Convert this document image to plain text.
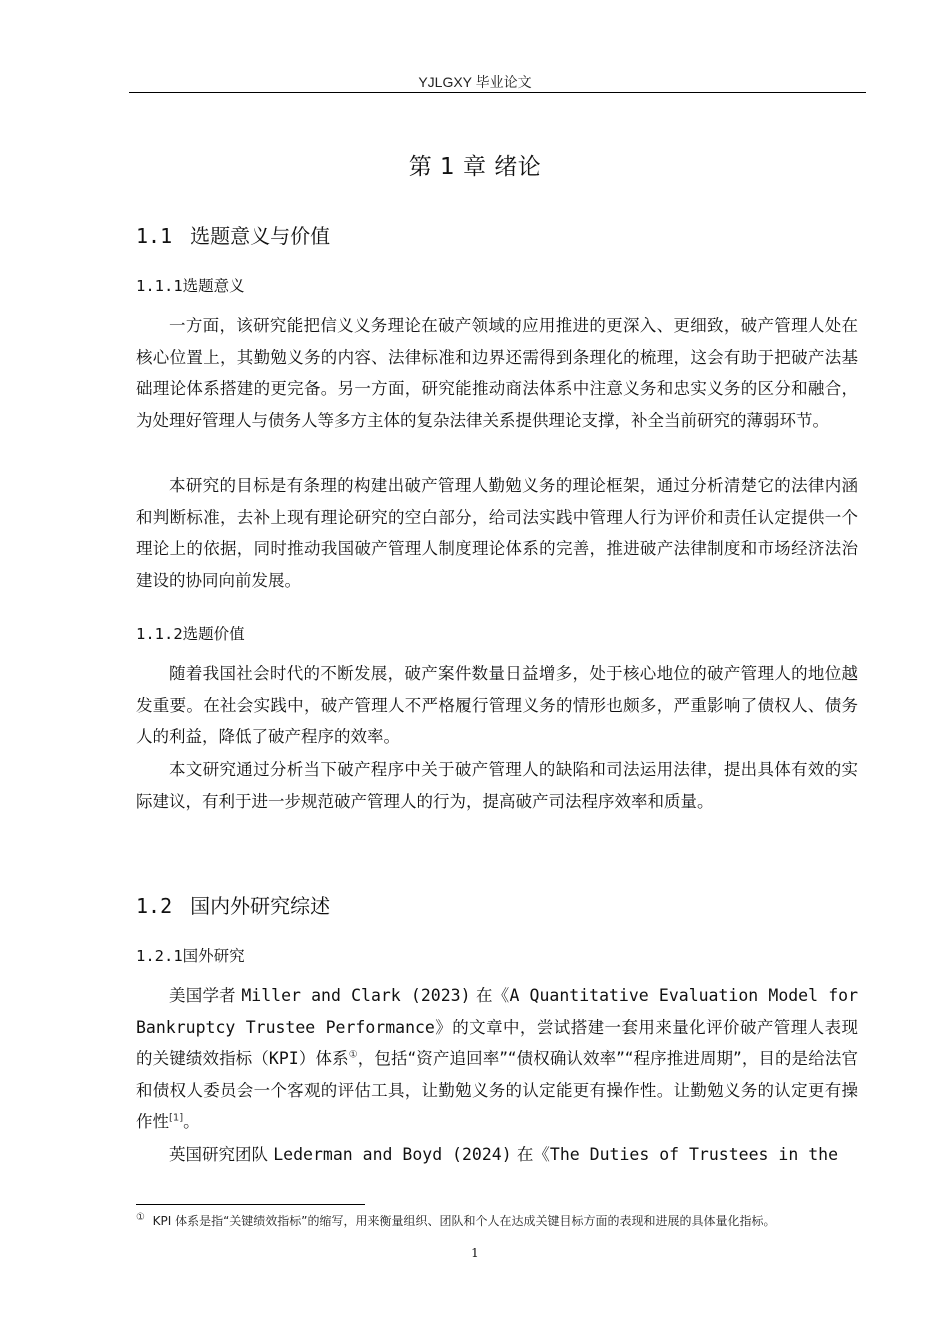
YJLGXY 毕业论文
第 1 章 绪论
1.1 选题意义与价值
1.1.1选题意义

一方面，该研究能把信义义务理论在破产领域的应用推进的更深入、更细致，破产管理人处在核心位置上，其勤勉义务的内容、法律标准和边界还需得到条理化的梳理，这会有助于把破产法基础理论体系搭建的更完备。另一方面，研究能推动商法体系中注意义务和忠实义务的区分和融合，为处理好管理人与债务人等多方主体的复杂法律关系提供理论支撑，补全当前研究的薄弱环节。

本研究的目标是有条理的构建出破产管理人勤勉义务的理论框架，通过分析清楚它的法律内涵和判断标准，去补上现有理论研究的空白部分，给司法实践中管理人行为评价和责任认定提供一个理论上的依据，同时推动我国破产管理人制度理论体系的完善，推进破产法律制度和市场经济法治建设的协同向前发展。

1.1.2选题价值

随着我国社会时代的不断发展，破产案件数量日益增多，处于核心地位的破产管理人的地位越发重要。在社会实践中，破产管理人不严格履行管理义务的情形也颇多，严重影响了债权人、债务人的利益，降低了破产程序的效率。

本文研究通过分析当下破产程序中关于破产管理人的缺陷和司法运用法律，提出具体有效的实际建议，有利于进一步规范破产管理人的行为，提高破产司法程序效率和质量。

1.2 国内外研究综述
1.2.1国外研究

美国学者 Miller and Clark (2023) 在《A Quantitative Evaluation Model for Bankruptcy Trustee Performance》的文章中，尝试搭建一套用来量化评价破产管理人表现的关键绩效指标（KPI）体系①，包括“资产追回率”“债权确认效率”“程序推进周期”，目的是给法官和债权人委员会一个客观的评估工具，让勤勉义务的认定能更有操作性。让勤勉义务的认定更有操作性[1]。

英国研究团队 Lederman and Boyd (2024) 在《The Duties of Trustees in the

① KPI 体系是指“关键绩效指标”的缩写，用来衡量组织、团队和个人在达成关键目标方面的表现和进展的具体量化指标。
1
